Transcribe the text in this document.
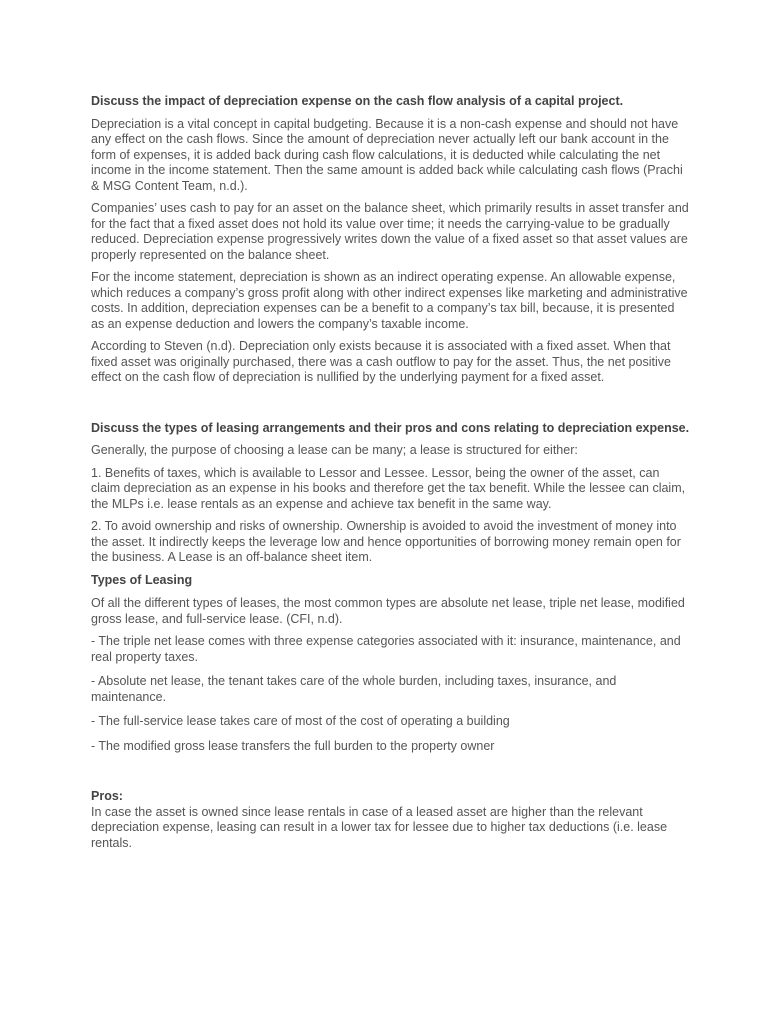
Discuss the impact of depreciation expense on the cash flow analysis of a capital project.

Depreciation is a vital concept in capital budgeting. Because it is a non-cash expense and should not have any effect on the cash flows. Since the amount of depreciation never actually left our bank account in the form of expenses, it is added back during cash flow calculations, it is deducted while calculating the net income in the income statement. Then the same amount is added back while calculating cash flows (Prachi & MSG Content Team, n.d.).

Companies’ uses cash to pay for an asset on the balance sheet, which primarily results in asset transfer and for the fact that a fixed asset does not hold its value over time; it needs the carrying-value to be gradually reduced. Depreciation expense progressively writes down the value of a fixed asset so that asset values are properly represented on the balance sheet.

For the income statement, depreciation is shown as an indirect operating expense. An allowable expense, which reduces a company’s gross profit along with other indirect expenses like marketing and administrative costs. In addition, depreciation expenses can be a benefit to a company’s tax bill, because, it is presented as an expense deduction and lowers the company’s taxable income.

According to Steven (n.d). Depreciation only exists because it is associated with a fixed asset. When that fixed asset was originally purchased, there was a cash outflow to pay for the asset. Thus, the net positive effect on the cash flow of depreciation is nullified by the underlying payment for a fixed asset.

Discuss the types of leasing arrangements and their pros and cons relating to depreciation expense.

Generally, the purpose of choosing a lease can be many; a lease is structured for either:

1. Benefits of taxes, which is available to Lessor and Lessee. Lessor, being the owner of the asset, can claim depreciation as an expense in his books and therefore get the tax benefit. While the lessee can claim, the MLPs i.e. lease rentals as an expense and achieve tax benefit in the same way.

2. To avoid ownership and risks of ownership. Ownership is avoided to avoid the investment of money into the asset. It indirectly keeps the leverage low and hence opportunities of borrowing money remain open for the business. A Lease is an off-balance sheet item.

Types of Leasing

Of all the different types of leases, the most common types are absolute net lease, triple net lease, modified gross lease, and full-service lease. (CFI, n.d).

- The triple net lease comes with three expense categories associated with it: insurance, maintenance, and real property taxes.

- Absolute net lease, the tenant takes care of the whole burden, including taxes, insurance, and maintenance.

- The full-service lease takes care of most of the cost of operating a building

- The modified gross lease transfers the full burden to the property owner

Pros:

In case the asset is owned since lease rentals in case of a leased asset are higher than the relevant depreciation expense, leasing can result in a lower tax for lessee due to higher tax deductions (i.e. lease rentals.
